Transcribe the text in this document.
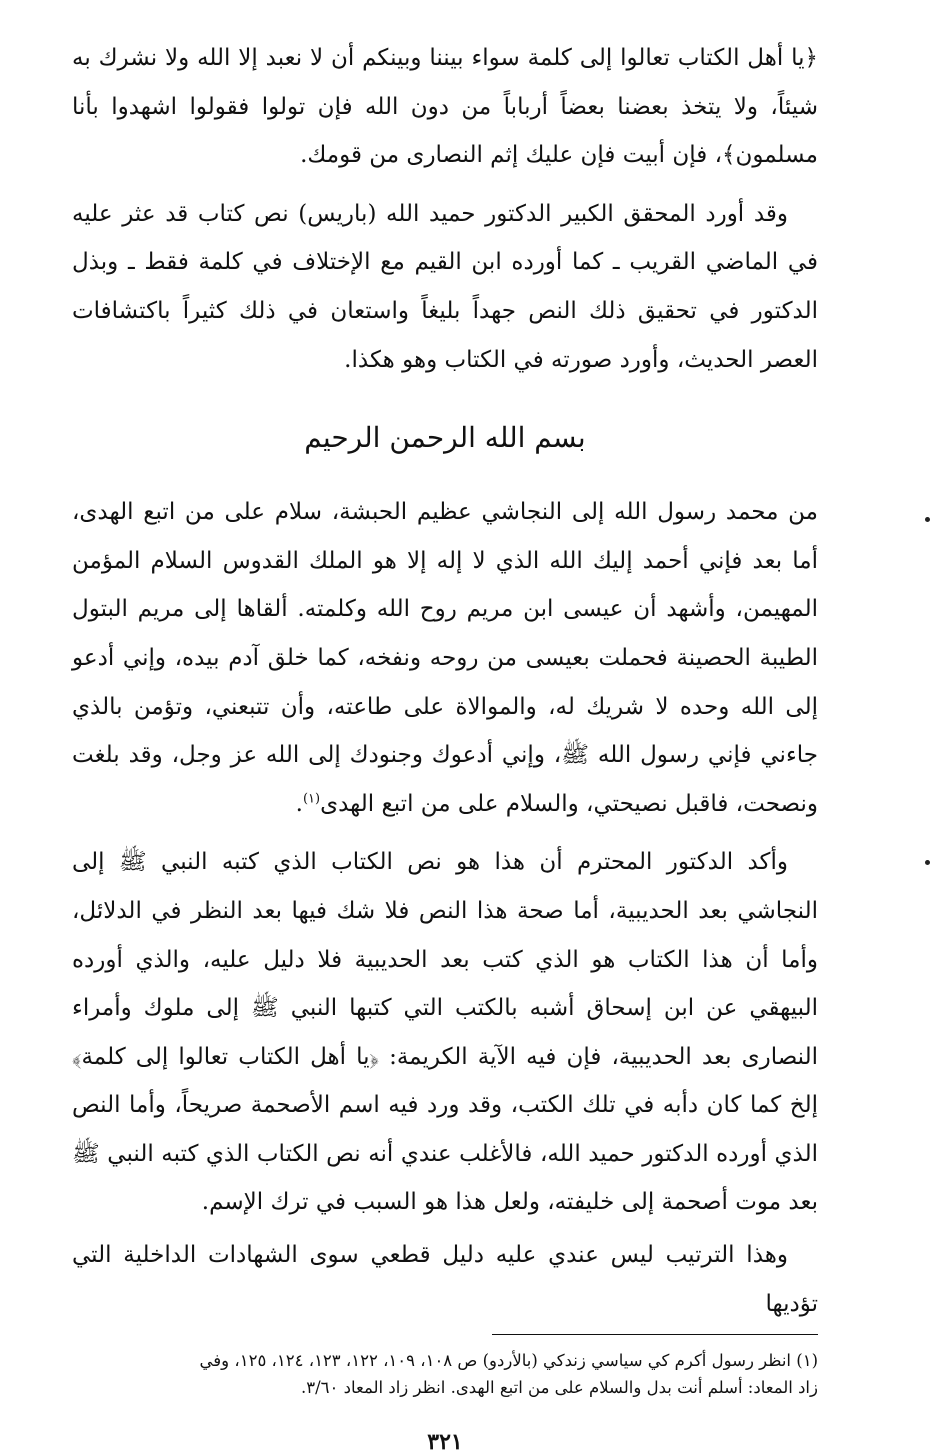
﴿يا أهل الكتاب تعالوا إلى كلمة سواء بيننا وبينكم أن لا نعبد إلا الله ولا نشرك به شيئاً، ولا يتخذ بعضنا بعضاً أرباباً من دون الله فإن تولوا فقولوا اشهدوا بأنا مسلمون﴾، فإن أبيت فإن عليك إثم النصارى من قومك.

وقد أورد المحقق الكبير الدكتور حميد الله (باريس) نص كتاب قد عثر عليه في الماضي القريب ـ كما أورده ابن القيم مع الإختلاف في كلمة فقط ـ وبذل الدكتور في تحقيق ذلك النص جهداً بليغاً واستعان في ذلك كثيراً باكتشافات العصر الحديث، وأورد صورته في الكتاب وهو هكذا.

بسم الله الرحمن الرحيم

من محمد رسول الله إلى النجاشي عظيم الحبشة، سلام على من اتبع الهدى، أما بعد فإني أحمد إليك الله الذي لا إله إلا هو الملك القدوس السلام المؤمن المهيمن، وأشهد أن عيسى ابن مريم روح الله وكلمته. ألقاها إلى مريم البتول الطيبة الحصينة فحملت بعيسى من روحه ونفخه، كما خلق آدم بيده، وإني أدعو إلى الله وحده لا شريك له، والموالاة على طاعته، وأن تتبعني، وتؤمن بالذي جاءني فإني رسول الله ﷺ، وإني أدعوك وجنودك إلى الله عز وجل، وقد بلغت ونصحت، فاقبل نصيحتي، والسلام على من اتبع الهدى$^{(١)}$.

وأكد الدكتور المحترم أن هذا هو نص الكتاب الذي كتبه النبي ﷺ إلى النجاشي بعد الحديبية، أما صحة هذا النص فلا شك فيها بعد النظر في الدلائل، وأما أن هذا الكتاب هو الذي كتب بعد الحديبية فلا دليل عليه، والذي أورده البيهقي عن ابن إسحاق أشبه بالكتب التي كتبها النبي ﷺ إلى ملوك وأمراء النصارى بعد الحديبية، فإن فيه الآية الكريمة: ﴿يا أهل الكتاب تعالوا إلى كلمة﴾ إلخ كما كان دأبه في تلك الكتب، وقد ورد فيه اسم الأصحمة صريحاً، وأما النص الذي أورده الدكتور حميد الله، فالأغلب عندي أنه نص الكتاب الذي كتبه النبي ﷺ بعد موت أصحمة إلى خليفته، ولعل هذا هو السبب في ترك الإسم.

وهذا الترتيب ليس عندي عليه دليل قطعي سوى الشهادات الداخلية التي تؤديها

(١) انظر رسول أكرم كي سياسي زندكي (بالأردو) ص ١٠٨، ١٠٩، ١٢٢، ١٢٣، ١٢٤، ١٢٥، وفي

زاد المعاد: أسلم أنت بدل والسلام على من اتبع الهدى. انظر زاد المعاد ٣/٦٠.

٣٢١
